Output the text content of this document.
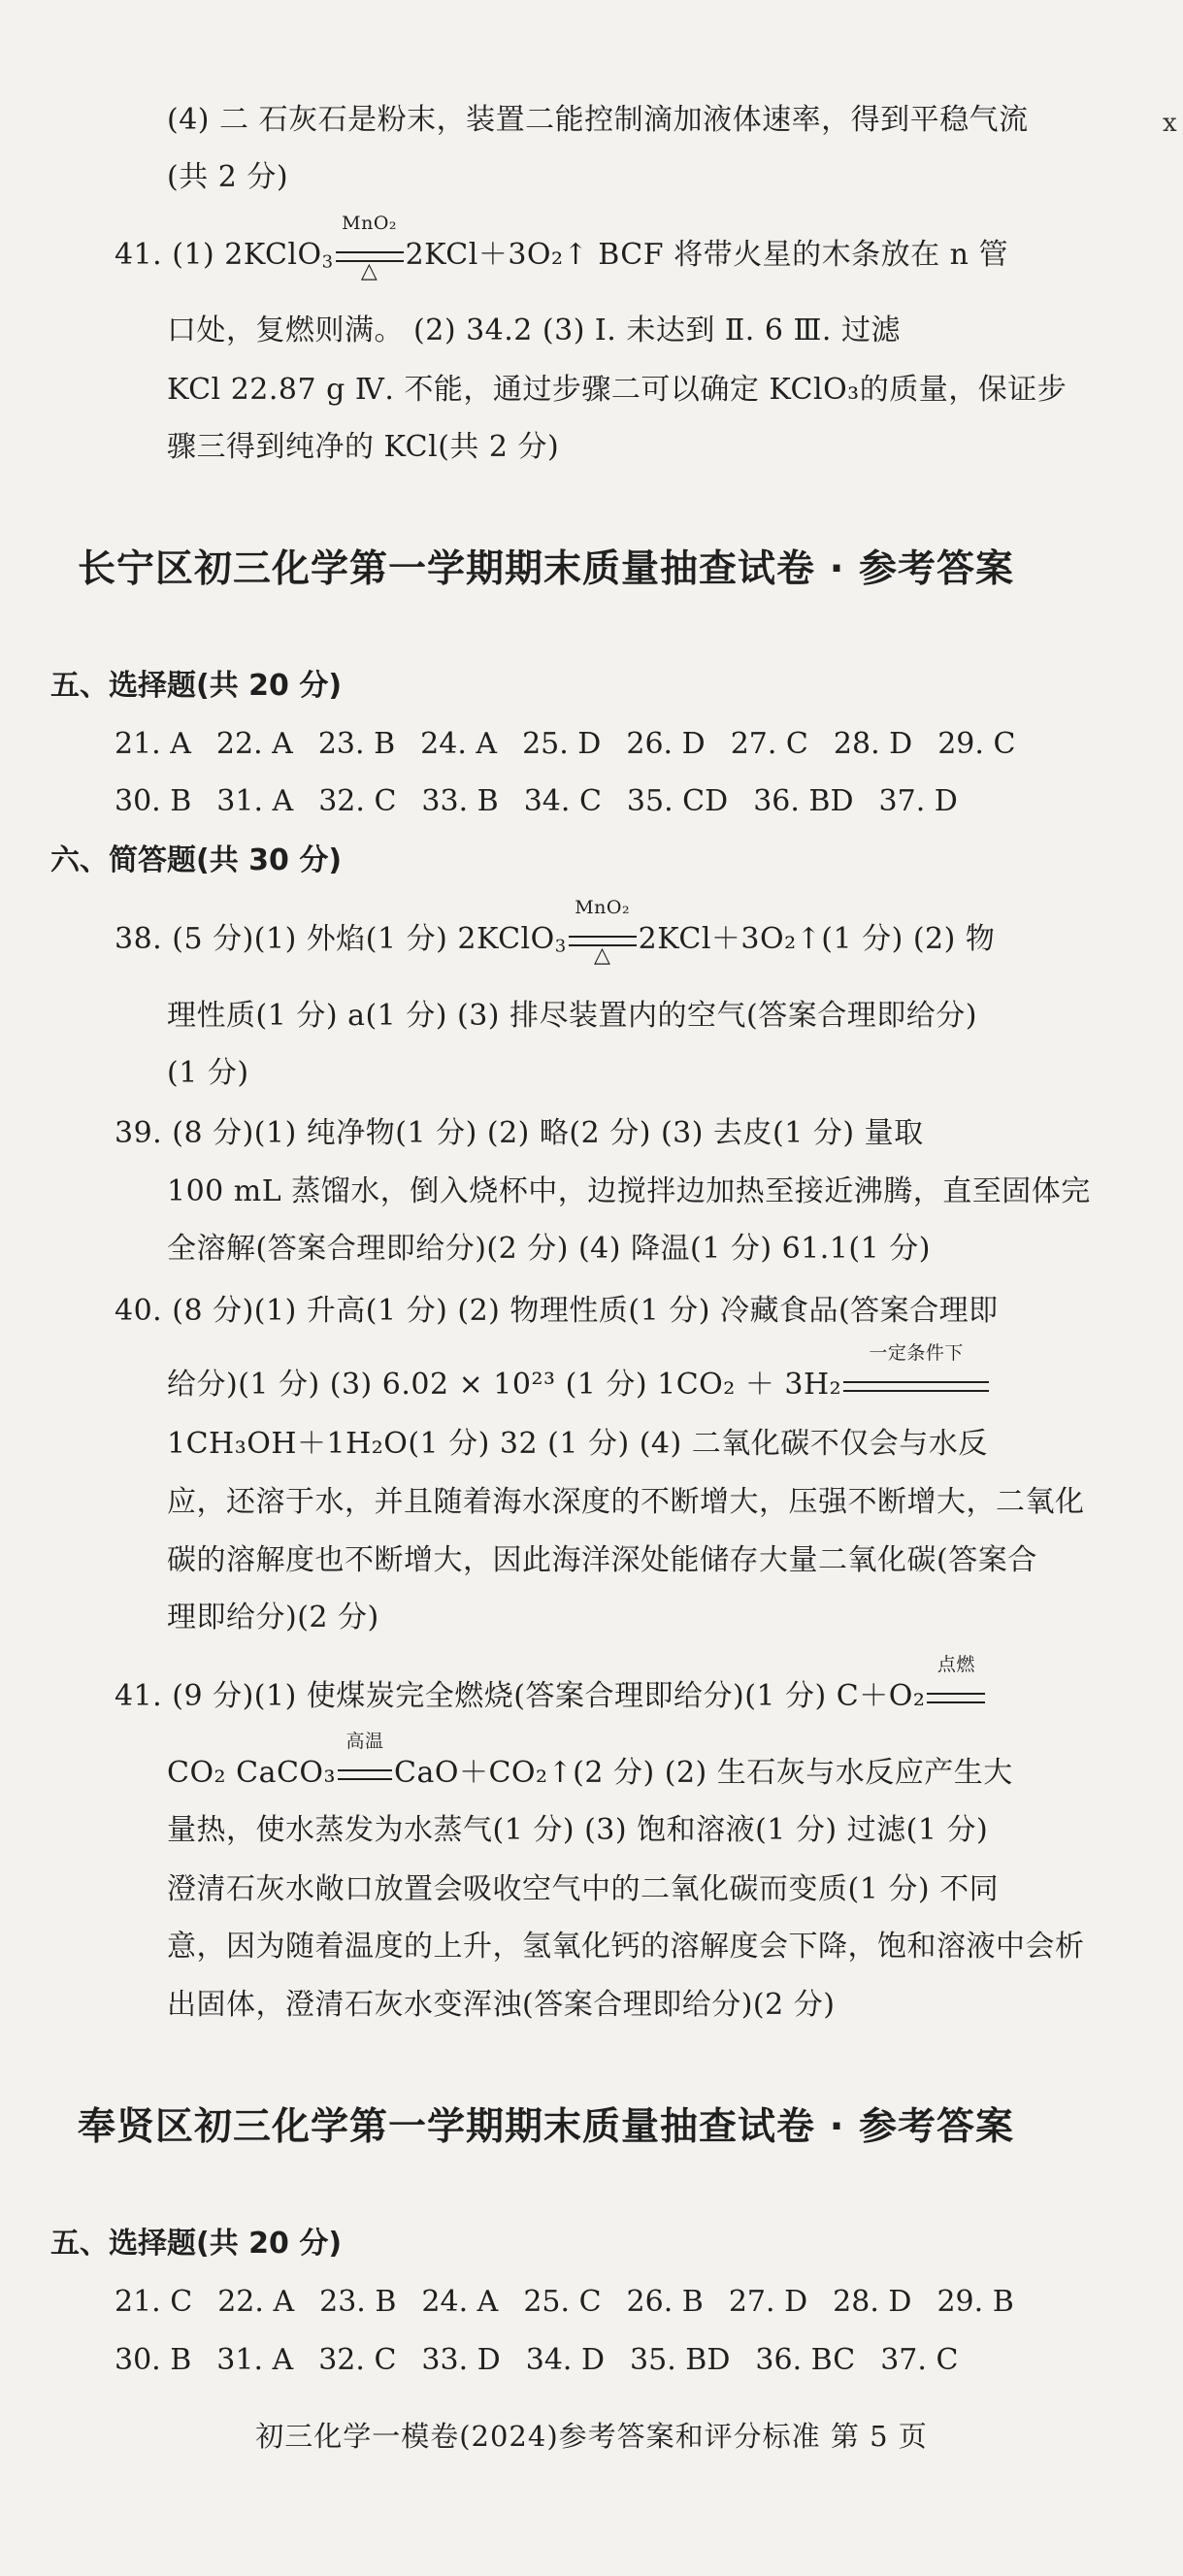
x
(4) 二 石灰石是粉末，装置二能控制滴加液体速率，得到平稳气流
(共 2 分)
41. (1) 2KClO$_3$
MnO₂
△ 2KCl＋3O₂↑ BCF 将带火星的木条放在 n 管
口处，复燃则满。 (2) 34.2 (3) Ⅰ. 未达到 Ⅱ. 6 Ⅲ. 过滤
KCl 22.87 g Ⅳ. 不能，通过步骤二可以确定 KClO₃的质量，保证步
骤三得到纯净的 KCl(共 2 分)
长宁区初三化学第一学期期末质量抽查试卷 · 参考答案
五、选择题(共 20 分)
21. A 22. A 23. B 24. A 25. D 26. D 27. C 28. D 29. C
30. B 31. A 32. C 33. B 34. C 35. CD 36. BD 37. D
六、简答题(共 30 分)
38. (5 分)(1) 外焰(1 分) 2KClO$_3$
MnO₂
△ 2KCl＋3O₂↑(1 分) (2) 物
理性质(1 分) a(1 分) (3) 排尽装置内的空气(答案合理即给分)
(1 分)
39. (8 分)(1) 纯净物(1 分) (2) 略(2 分) (3) 去皮(1 分) 量取
100 mL 蒸馏水，倒入烧杯中，边搅拌边加热至接近沸腾，直至固体完
全溶解(答案合理即给分)(2 分) (4) 降温(1 分) 61.1(1 分)
40. (8 分)(1) 升高(1 分) (2) 物理性质(1 分) 冷藏食品(答案合理即
给分)(1 分) (3) 6.02 × 10²³ (1 分) 1CO₂ ＋ 3H₂
一定条件下
1CH₃OH＋1H₂O(1 分) 32 (1 分) (4) 二氧化碳不仅会与水反
应，还溶于水，并且随着海水深度的不断增大，压强不断增大，二氧化
碳的溶解度也不断增大，因此海洋深处能储存大量二氧化碳(答案合
理即给分)(2 分)
41. (9 分)(1) 使煤炭完全燃烧(答案合理即给分)(1 分) C＋O₂
点燃
CO₂ CaCO₃
高温
CaO＋CO₂↑(2 分) (2) 生石灰与水反应产生大
量热，使水蒸发为水蒸气(1 分) (3) 饱和溶液(1 分) 过滤(1 分)
澄清石灰水敞口放置会吸收空气中的二氧化碳而变质(1 分) 不同
意，因为随着温度的上升，氢氧化钙的溶解度会下降，饱和溶液中会析
出固体，澄清石灰水变浑浊(答案合理即给分)(2 分)
奉贤区初三化学第一学期期末质量抽查试卷 · 参考答案
五、选择题(共 20 分)
21. C 22. A 23. B 24. A 25. C 26. B 27. D 28. D 29. B
30. B 31. A 32. C 33. D 34. D 35. BD 36. BC 37. C
初三化学一模卷(2024)参考答案和评分标准 第 5 页
